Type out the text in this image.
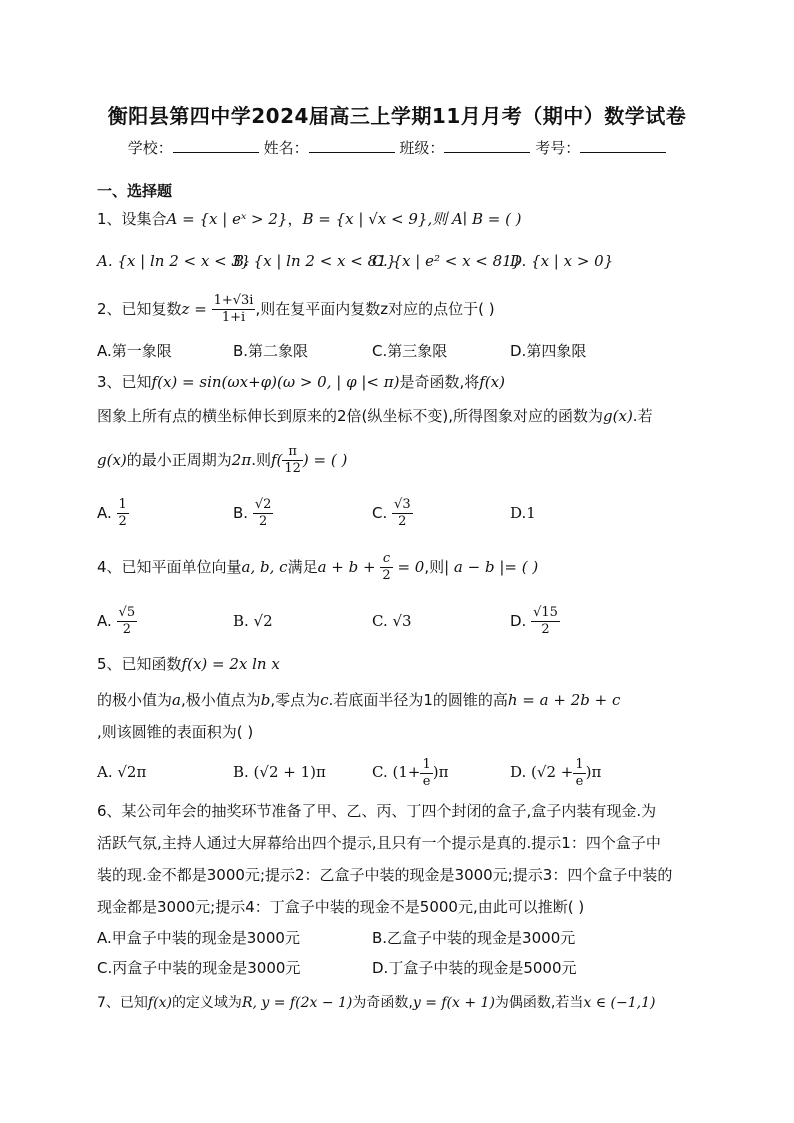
衡阳县第四中学2024届高三上学期11月月考（期中）数学试卷
学校：	姓名：	班级：	考号：
一、选择题
1、设集合A = {x | eˣ > 2}，B = {x | √x < 9},则 A∣ B = ( )
A. {x | ln 2 < x < 3}
B. {x | ln 2 < x < 81}
C. {x | e² < x < 81}
D. {x | x > 0}
2、已知复数$z = \frac{1+√3i}{1+i}$ ,则在复平面内复数z对应的点位于( )
A.第一象限	B.第二象限	C.第三象限	D.第四象限
3、已知f(x) = sin(ωx+φ)(ω > 0, | φ |< π)是奇函数,将f(x)
图象上所有点的横坐标伸长到原来的2倍(纵坐标不变),所得图象对应的函数为g(x).若
g(x)的最小正周期为2π.则$f( \frac{\pi}{12}$ ) = ( )
A. $\frac{1}{2}$	B. $\frac{√2}{2}$	C. $\frac{√3}{2}$	D.1
4、已知平面单位向量a, b, c满足$a + b + \frac{c}{2} = 0$,则| a − b |= ( )
A. $\frac{√5}{2}$	B. √2	C. √3	D. $\frac{√15}{2}$
5、已知函数f(x) = 2x ln x
的极小值为a,极小值点为b,零点为c.若底面半径为1的圆锥的高h = a + 2b + c
,则该圆锥的表面积为( )
A. √2π	B. (√2 + 1)π	C. $(1+ \frac{1}{e} )\pi$	D. $(√2 + \frac{1}{e} )\pi$
6、某公司年会的抽奖环节准备了甲、乙、丙、丁四个封闭的盒子,盒子内装有现金.为
活跃气氛,主持人通过大屏幕给出四个提示,且只有一个提示是真的.提示1：四个盒子中
装的现.金不都是3000元;提示2：乙盒子中装的现金是3000元;提示3：四个盒子中装的
现金都是3000元;提示4：丁盒子中装的现金不是5000元,由此可以推断( )
A.甲盒子中装的现金是3000元	B.乙盒子中装的现金是3000元
C.丙盒子中装的现金是3000元	D.丁盒子中装的现金是5000元
7、已知f(x)的定义域为R, y = f(2x − 1)为奇函数,y = f(x + 1)为偶函数,若当x ∈ (−1,1)
